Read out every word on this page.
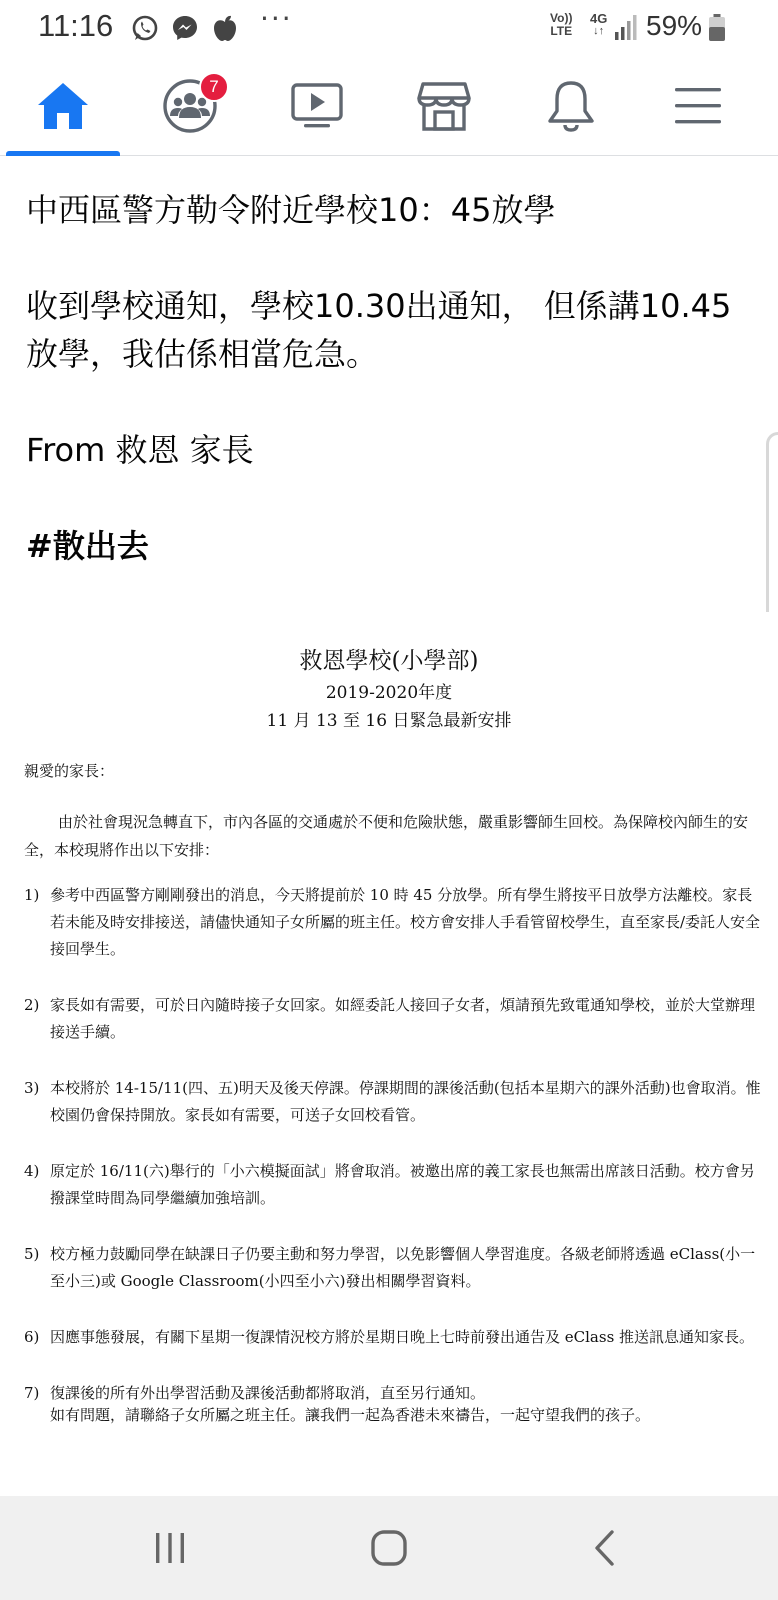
11:16	···	Vo))
LTE
4G
↓↑ 59%
7

中西區警方勒令附近學校10：45放學

收到學校通知，學校10.30出通知， 但係講10.45放學，我估係相當危急。

From 救恩 家長

#散出去

救恩學校(小學部)
2019-2020年度
11 月 13 至 16 日緊急最新安排
親愛的家長：
由於社會現況急轉直下，市內各區的交通處於不便和危險狀態，嚴重影響師生回校。為保障校內師生的安全，本校現將作出以下安排：
1) 參考中西區警方剛剛發出的消息，今天將提前於 10 時 45 分放學。所有學生將按平日放學方法離校。家長若未能及時安排接送，請儘快通知子女所屬的班主任。校方會安排人手看管留校學生，直至家長/委託人安全接回學生。
2) 家長如有需要，可於日內隨時接子女回家。如經委託人接回子女者，煩請預先致電通知學校，並於大堂辦理接送手續。
3) 本校將於 14-15/11(四、五)明天及後天停課。停課期間的課後活動(包括本星期六的課外活動)也會取消。惟校園仍會保持開放。家長如有需要，可送子女回校看管。
4) 原定於 16/11(六)舉行的「小六模擬面試」將會取消。被邀出席的義工家長也無需出席該日活動。校方會另撥課堂時間為同學繼續加強培訓。
5) 校方極力鼓勵同學在缺課日子仍要主動和努力學習，以免影響個人學習進度。各級老師將透過 eClass(小一至小三)或 Google Classroom(小四至小六)發出相關學習資料。
6) 因應事態發展，有關下星期一復課情況校方將於星期日晚上七時前發出通告及 eClass 推送訊息通知家長。
7) 復課後的所有外出學習活動及課後活動都將取消，直至另行通知。
如有問題，請聯絡子女所屬之班主任。讓我們一起為香港未來禱告，一起守望我們的孩子。
